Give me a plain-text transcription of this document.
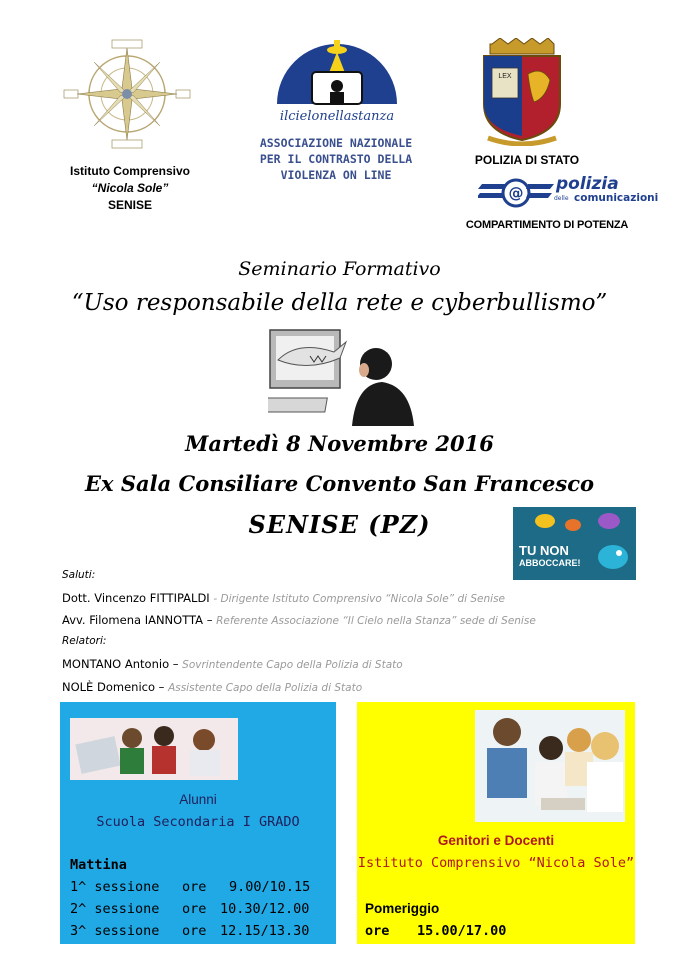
Istituto Comprensivo
“Nicola Sole”
SENISE
ilcielonellastanza
ASSOCIAZIONE NAZIONALE
PER IL CONTRASTO DELLA
VIOLENZA ON LINE
LEX
POLIZIA DI STATO
@ polizia
delle comunicazioni
COMPARTIMENTO DI POTENZA
Seminario Formativo
“Uso responsabile della rete e cyberbullismo”
Martedì 8 Novembre 2016
Ex Sala Consiliare Convento San Francesco
SENISE (PZ)
TU NON
ABBOCCARE!
Saluti:
Dott. Vincenzo FITTIPALDI - Dirigente Istituto Comprensivo “Nicola Sole” di Senise
Avv. Filomena IANNOTTA – Referente Associazione “Il Cielo nella Stanza” sede di Senise
Relatori:
MONTANO Antonio – Sovrintendente Capo della Polizia di Stato
NOLÈ Domenico – Assistente Capo della Polizia di Stato
Alunni
Scuola Secondaria I GRADO
Mattina
1^ sessione ore 9.00/10.15
2^ sessione ore 10.30/12.00
3^ sessione ore 12.15/13.30
Genitori e Docenti
Istituto Comprensivo “Nicola Sole”
Pomeriggio
ore 15.00/17.00
